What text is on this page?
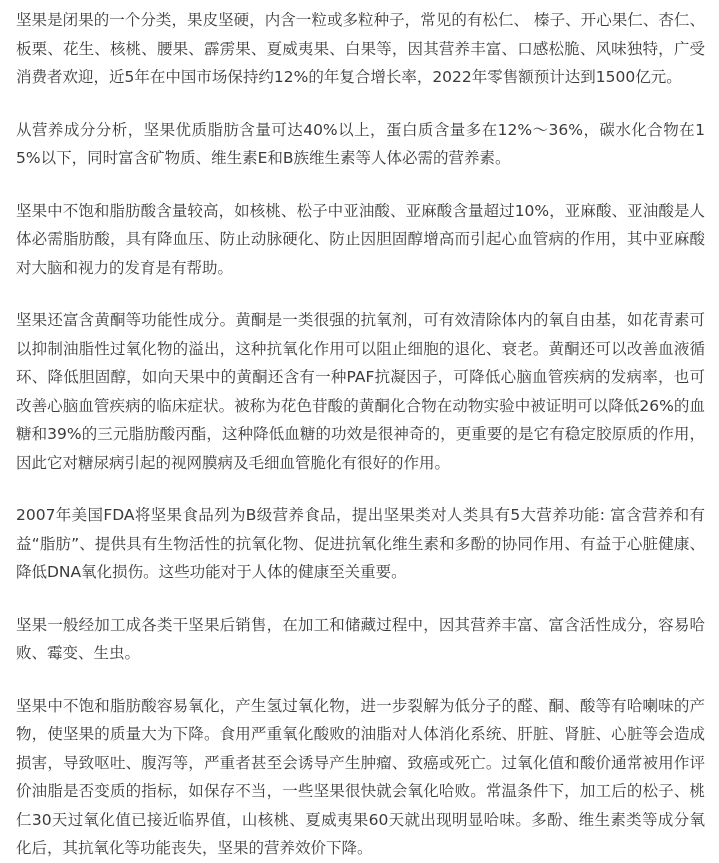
坚果是闭果的一个分类，果皮坚硬，内含一粒或多粒种子，常见的有松仁、 榛子、开心果仁、杏仁、板栗、花生、核桃、腰果、霹雳果、夏威夷果、白果等，因其营养丰富、口感松脆、风味独特，广受消费者欢迎，近5年在中国市场保持约12%的年复合增长率，2022年零售额预计达到1500亿元。

从营养成分分析，坚果优质脂肪含量可达40%以上，蛋白质含量多在12%～36%，碳水化合物在15%以下，同时富含矿物质、维生素E和B族维生素等人体必需的营养素。

坚果中不饱和脂肪酸含量较高，如核桃、松子中亚油酸、亚麻酸含量超过10%，亚麻酸、亚油酸是人体必需脂肪酸，具有降血压、防止动脉硬化、防止因胆固醇增高而引起心血管病的作用，其中亚麻酸对大脑和视力的发育是有帮助。

坚果还富含黄酮等功能性成分。黄酮是一类很强的抗氧剂，可有效清除体内的氧自由基，如花青素可以抑制油脂性过氧化物的溢出，这种抗氧化作用可以阻止细胞的退化、衰老。黄酮还可以改善血液循环、降低胆固醇，如向天果中的黄酮还含有一种PAF抗凝因子，可降低心脑血管疾病的发病率，也可改善心脑血管疾病的临床症状。被称为花色苷酸的黄酮化合物在动物实验中被证明可以降低26%的血糖和39%的三元脂肪酸丙酯，这种降低血糖的功效是很神奇的，更重要的是它有稳定胶原质的作用，因此它对糖尿病引起的视网膜病及毛细血管脆化有很好的作用。

2007年美国FDA将坚果食品列为B级营养食品，提出坚果类对人类具有5大营养功能: 富含营养和有益“脂肪”、提供具有生物活性的抗氧化物、促进抗氧化维生素和多酚的协同作用、有益于心脏健康、降低DNA氧化损伤。这些功能对于人体的健康至关重要。

坚果一般经加工成各类干坚果后销售，在加工和储藏过程中，因其营养丰富、富含活性成分，容易哈败、霉变、生虫。

坚果中不饱和脂肪酸容易氧化，产生氢过氧化物，进一步裂解为低分子的醛、酮、酸等有哈喇味的产物，使坚果的质量大为下降。食用严重氧化酸败的油脂对人体消化系统、肝脏、肾脏、心脏等会造成损害，导致呕吐、腹泻等，严重者甚至会诱导产生肿瘤、致癌或死亡。过氧化值和酸价通常被用作评价油脂是否变质的指标，如保存不当，一些坚果很快就会氧化哈败。常温条件下，加工后的松子、桃仁30天过氧化值已接近临界值，山核桃、夏威夷果60天就出现明显哈味。多酚、维生素类等成分氧化后，其抗氧化等功能丧失，坚果的营养效价下降。
